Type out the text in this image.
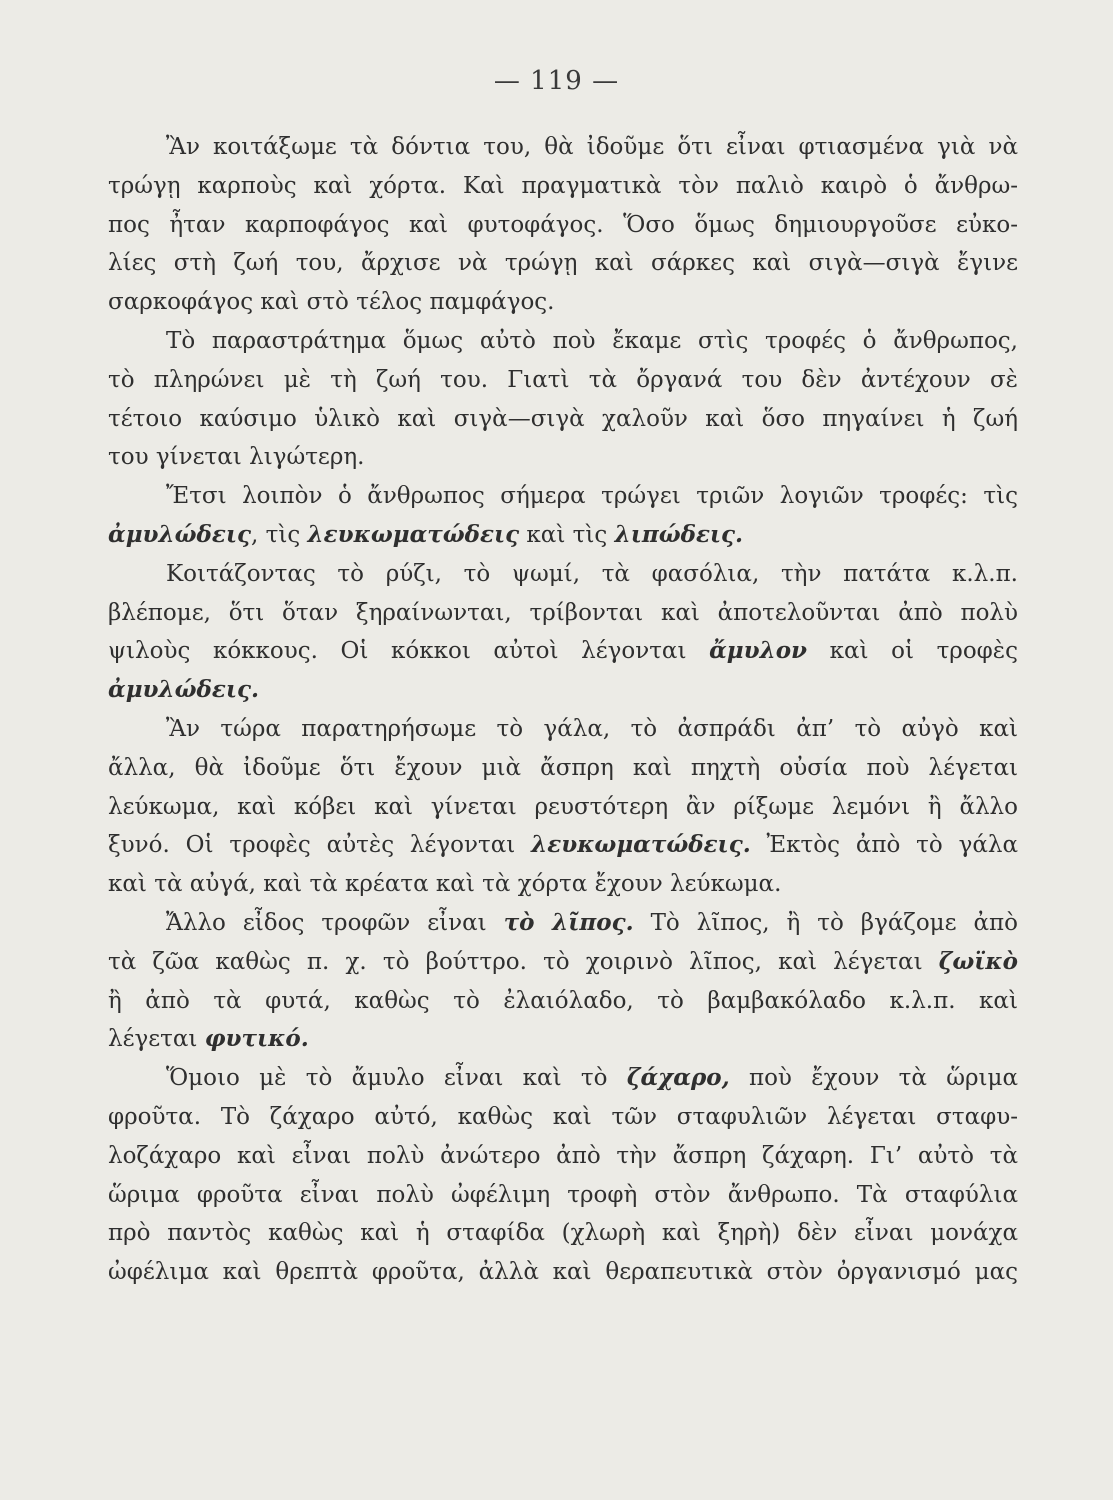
— 119 —
Ἂν κοιτάξωμε τὰ δόντια του, θὰ ἰδοῦμε ὅτι εἶναι φτιασμένα γιὰ νὰ
τρώγῃ καρποὺς καὶ χόρτα. Καὶ πραγματικὰ τὸν παλιὸ καιρὸ ὁ ἄνθρω-
πος ἦταν καρποφάγος καὶ φυτοφάγος. Ὅσο ὅμως δημιουργοῦσε εὐκο-
λίες στὴ ζωή του, ἄρχισε νὰ τρώγῃ καὶ σάρκες καὶ σιγὰ—σιγὰ ἔγινε
σαρκοφάγος καὶ στὸ τέλος παμφάγος.
Τὸ παραστράτημα ὅμως αὐτὸ ποὺ ἔκαμε στὶς τροφές ὁ ἄνθρωπος,
τὸ πληρώνει μὲ τὴ ζωή του. Γιατὶ τὰ ὄργανά του δὲν ἀντέχουν σὲ
τέτοιο καύσιμο ὑλικὸ καὶ σιγὰ—σιγὰ χαλοῦν καὶ ὅσο πηγαίνει ἡ ζωή
του γίνεται λιγώτερη.
Ἔτσι λοιπὸν ὁ ἄνθρωπος σήμερα τρώγει τριῶν λογιῶν τροφές: τὶς
ἀμυλώδεις, τὶς λευκωματώδεις καὶ τὶς λιπώδεις.
Κοιτάζοντας τὸ ρύζι, τὸ ψωμί, τὰ φασόλια, τὴν πατάτα κ.λ.π.
βλέπομε, ὅτι ὅταν ξηραίνωνται, τρίβονται καὶ ἀποτελοῦνται ἀπὸ πολὺ
ψιλοὺς κόκκους. Οἱ κόκκοι αὐτοὶ λέγονται ἄμυλον καὶ οἱ τροφὲς
ἀμυλώδεις.
Ἂν τώρα παρατηρήσωμε τὸ γάλα, τὸ ἀσπράδι ἀπ’ τὸ αὐγὸ καὶ
ἄλλα, θὰ ἰδοῦμε ὅτι ἔχουν μιὰ ἄσπρη καὶ πηχτὴ οὐσία ποὺ λέγεται
λεύκωμα, καὶ κόβει καὶ γίνεται ρευστότερη ἂν ρίξωμε λεμόνι ἢ ἄλλο
ξυνό. Οἱ τροφὲς αὐτὲς λέγονται λευκωματώδεις. Ἐκτὸς ἀπὸ τὸ γάλα
καὶ τὰ αὐγά, καὶ τὰ κρέατα καὶ τὰ χόρτα ἔχουν λεύκωμα.
Ἄλλο εἶδος τροφῶν εἶναι τὸ λῖπος. Τὸ λῖπος, ἢ τὸ βγάζομε ἀπὸ
τὰ ζῶα καθὼς π. χ. τὸ βούττρο. τὸ χοιρινὸ λῖπος, καὶ λέγεται ζωϊκὸ
ἢ ἀπὸ τὰ φυτά, καθὼς τὸ ἐλαιόλαδο, τὸ βαμβακόλαδο κ.λ.π. καὶ
λέγεται φυτικό.
Ὅμοιο μὲ τὸ ἄμυλο εἶναι καὶ τὸ ζάχαρο, ποὺ ἔχουν τὰ ὥριμα
φροῦτα. Τὸ ζάχαρο αὐτό, καθὼς καὶ τῶν σταφυλιῶν λέγεται σταφυ-
λοζάχαρο καὶ εἶναι πολὺ ἀνώτερο ἀπὸ τὴν ἄσπρη ζάχαρη. Γι’ αὐτὸ τὰ
ὥριμα φροῦτα εἶναι πολὺ ὠφέλιμη τροφὴ στὸν ἄνθρωπο. Τὰ σταφύλια
πρὸ παντὸς καθὼς καὶ ἡ σταφίδα (χλωρὴ καὶ ξηρὴ) δὲν εἶναι μονάχα
ὠφέλιμα καὶ θρεπτὰ φροῦτα, ἀλλὰ καὶ θεραπευτικὰ στὸν ὀργανισμό μας
